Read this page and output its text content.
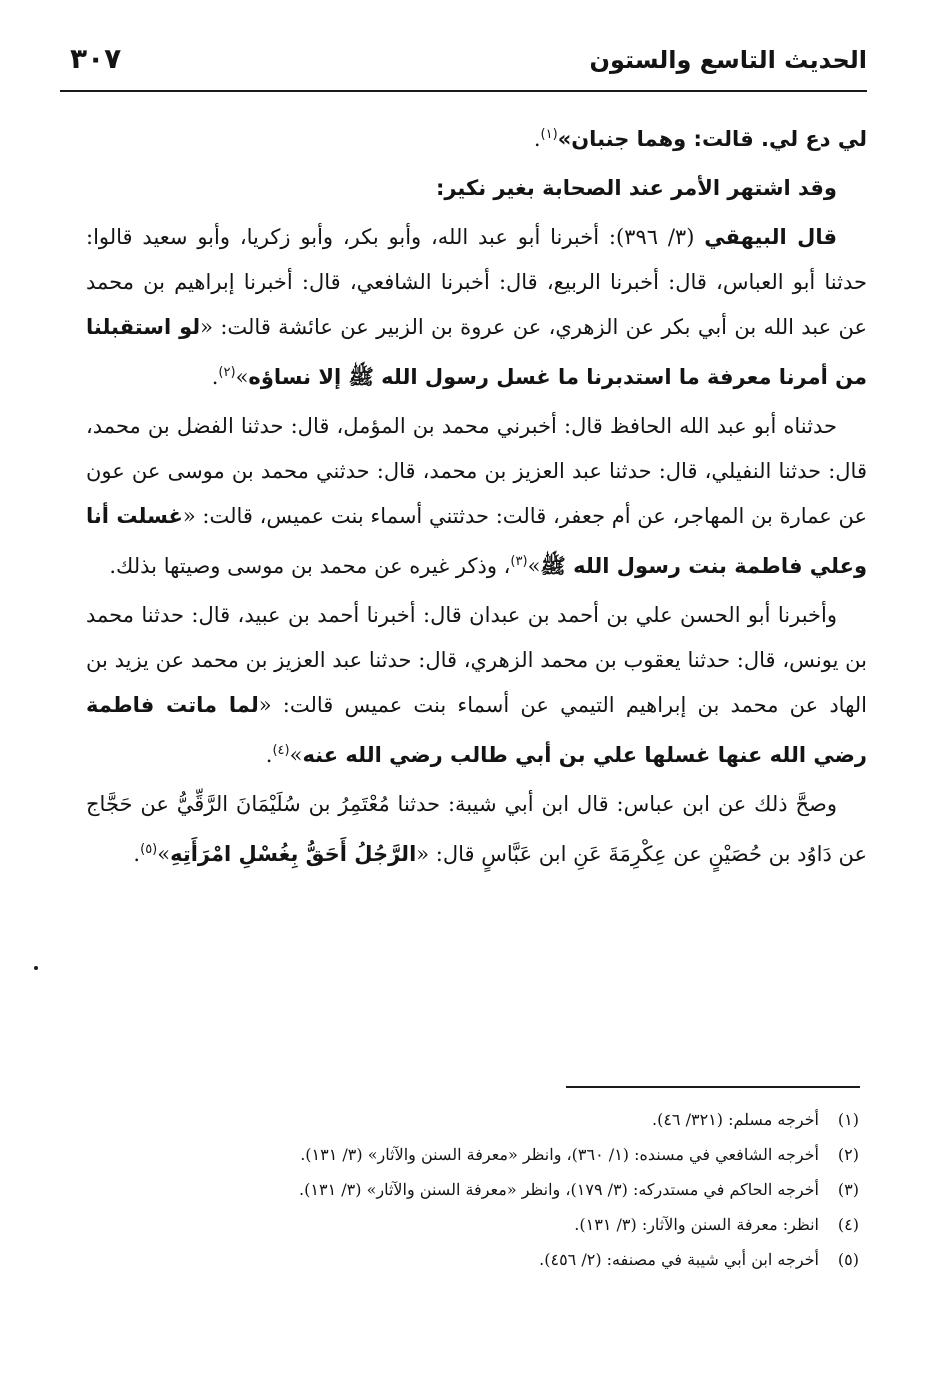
الحديث التاسع والستون
٣٠٧

لي دع لي. قالت: وهما جنبان»$^{(١)}$.

وقد اشتهر الأمر عند الصحابة بغير نكير:

قال البيهقي (٣/ ٣٩٦): أخبرنا أبو عبد الله، وأبو بكر، وأبو زكريا، وأبو سعيد قالوا: حدثنا أبو العباس، قال: أخبرنا الربيع، قال: أخبرنا الشافعي، قال: أخبرنا إبراهيم بن محمد عن عبد الله بن أبي بكر عن الزهري، عن عروة بن الزبير عن عائشة قالت: «لو استقبلنا من أمرنا معرفة ما استدبرنا ما غسل رسول الله ﷺ إلا نساؤه»$^{(٢)}$.

حدثناه أبو عبد الله الحافظ قال: أخبرني محمد بن المؤمل، قال: حدثنا الفضل بن محمد، قال: حدثنا النفيلي، قال: حدثنا عبد العزيز بن محمد، قال: حدثني محمد بن موسى عن عون عن عمارة بن المهاجر، عن أم جعفر، قالت: حدثتني أسماء بنت عميس، قالت: «غسلت أنا وعلي فاطمة بنت رسول الله ﷺ»$^{(٣)}$، وذكر غيره عن محمد بن موسى وصيتها بذلك.

وأخبرنا أبو الحسن علي بن أحمد بن عبدان قال: أخبرنا أحمد بن عبيد، قال: حدثنا محمد بن يونس، قال: حدثنا يعقوب بن محمد الزهري، قال: حدثنا عبد العزيز بن محمد عن يزيد بن الهاد عن محمد بن إبراهيم التيمي عن أسماء بنت عميس قالت: «لما ماتت فاطمة رضي الله عنها غسلها علي بن أبي طالب رضي الله عنه»$^{(٤)}$.

وصحَّ ذلك عن ابن عباس: قال ابن أبي شيبة: حدثنا مُعْتَمِرُ بن سُلَيْمَانَ الرَّقِّيُّ عن حَجَّاج عن دَاوُد بن حُصَيْنٍ عن عِكْرِمَةَ عَنِ ابن عَبَّاسٍ قال: «الرَّجُلُ أَحَقُّ بِغُسْلِ امْرَأَتِهِ»$^{(٥)}$.

(١)
أخرجه مسلم: (٣٢١/ ٤٦).
(٢)
أخرجه الشافعي في مسنده: (١/ ٣٦٠)، وانظر «معرفة السنن والآثار» (٣/ ١٣١).
(٣)
أخرجه الحاكم في مستدركه: (٣/ ١٧٩)، وانظر «معرفة السنن والآثار» (٣/ ١٣١).
(٤)
انظر: معرفة السنن والآثار: (٣/ ١٣١).
(٥)
أخرجه ابن أبي شيبة في مصنفه: (٢/ ٤٥٦).
